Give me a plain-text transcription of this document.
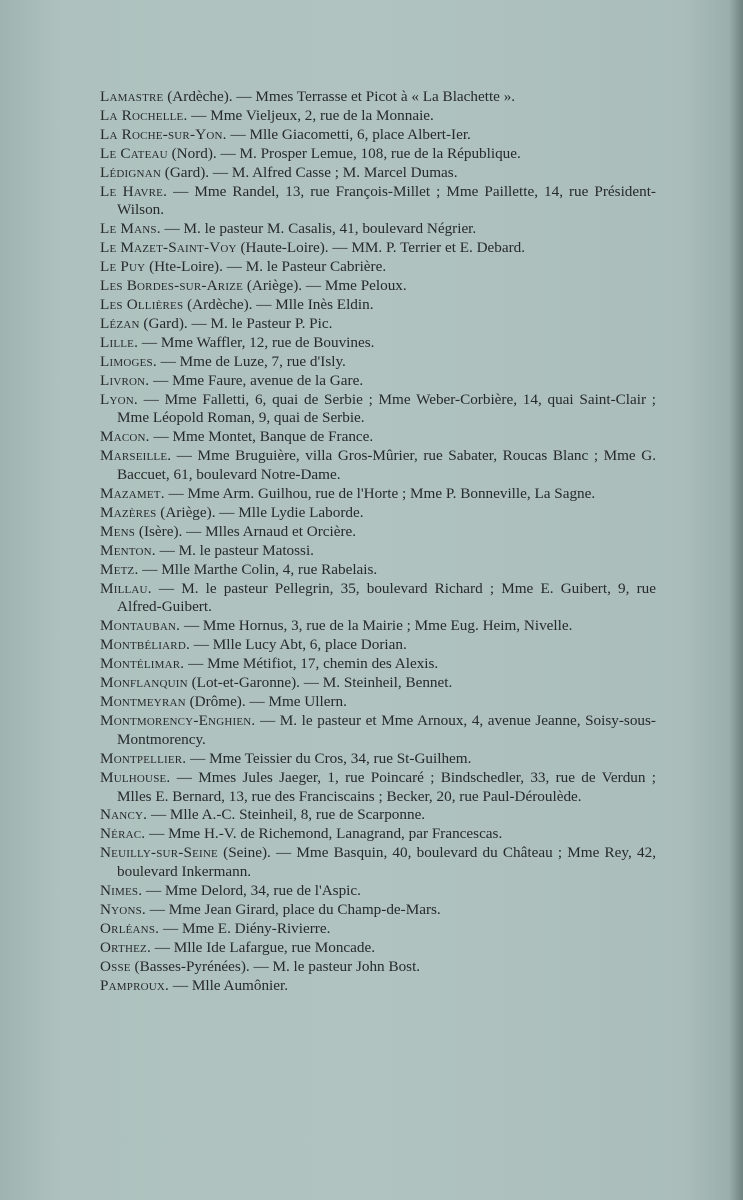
Lamastre (Ardèche). — Mmes Terrasse et Picot à « La Blachette ».
La Rochelle. — Mme Vieljeux, 2, rue de la Monnaie.
La Roche-sur-Yon. — Mlle Giacometti, 6, place Albert-Ier.
Le Cateau (Nord). — M. Prosper Lemue, 108, rue de la République.
Lédignan (Gard). — M. Alfred Casse ; M. Marcel Dumas.
Le Havre. — Mme Randel, 13, rue François-Millet ; Mme Paillette, 14, rue Président-Wilson.
Le Mans. — M. le pasteur M. Casalis, 41, boulevard Négrier.
Le Mazet-Saint-Voy (Haute-Loire). — MM. P. Terrier et E. Debard.
Le Puy (Hte-Loire). — M. le Pasteur Cabrière.
Les Bordes-sur-Arize (Ariège). — Mme Peloux.
Les Ollières (Ardèche). — Mlle Inès Eldin.
Lézan (Gard). — M. le Pasteur P. Pic.
Lille. — Mme Waffler, 12, rue de Bouvines.
Limoges. — Mme de Luze, 7, rue d'Isly.
Livron. — Mme Faure, avenue de la Gare.
Lyon. — Mme Falletti, 6, quai de Serbie ; Mme Weber-Corbière, 14, quai Saint-Clair ; Mme Léopold Roman, 9, quai de Serbie.
Macon. — Mme Montet, Banque de France.
Marseille. — Mme Bruguière, villa Gros-Mûrier, rue Sabater, Roucas Blanc ; Mme G. Baccuet, 61, boulevard Notre-Dame.
Mazamet. — Mme Arm. Guilhou, rue de l'Horte ; Mme P. Bonneville, La Sagne.
Mazères (Ariège). — Mlle Lydie Laborde.
Mens (Isère). — Mlles Arnaud et Orcière.
Menton. — M. le pasteur Matossi.
Metz. — Mlle Marthe Colin, 4, rue Rabelais.
Millau. — M. le pasteur Pellegrin, 35, boulevard Richard ; Mme E. Guibert, 9, rue Alfred-Guibert.
Montauban. — Mme Hornus, 3, rue de la Mairie ; Mme Eug. Heim, Nivelle.
Montbéliard. — Mlle Lucy Abt, 6, place Dorian.
Montélimar. — Mme Métifiot, 17, chemin des Alexis.
Monflanquin (Lot-et-Garonne). — M. Steinheil, Bennet.
Montmeyran (Drôme). — Mme Ullern.
Montmorency-Enghien. — M. le pasteur et Mme Arnoux, 4, avenue Jeanne, Soisy-sous-Montmorency.
Montpellier. — Mme Teissier du Cros, 34, rue St-Guilhem.
Mulhouse. — Mmes Jules Jaeger, 1, rue Poincaré ; Bindschedler, 33, rue de Verdun ; Mlles E. Bernard, 13, rue des Franciscains ; Becker, 20, rue Paul-Déroulède.
Nancy. — Mlle A.-C. Steinheil, 8, rue de Scarponne.
Nérac. — Mme H.-V. de Richemond, Lanagrand, par Francescas.
Neuilly-sur-Seine (Seine). — Mme Basquin, 40, boulevard du Château ; Mme Rey, 42, boulevard Inkermann.
Nimes. — Mme Delord, 34, rue de l'Aspic.
Nyons. — Mme Jean Girard, place du Champ-de-Mars.
Orléans. — Mme E. Diény-Rivierre.
Orthez. — Mlle Ide Lafargue, rue Moncade.
Osse (Basses-Pyrénées). — M. le pasteur John Bost.
Pamproux. — Mlle Aumônier.
